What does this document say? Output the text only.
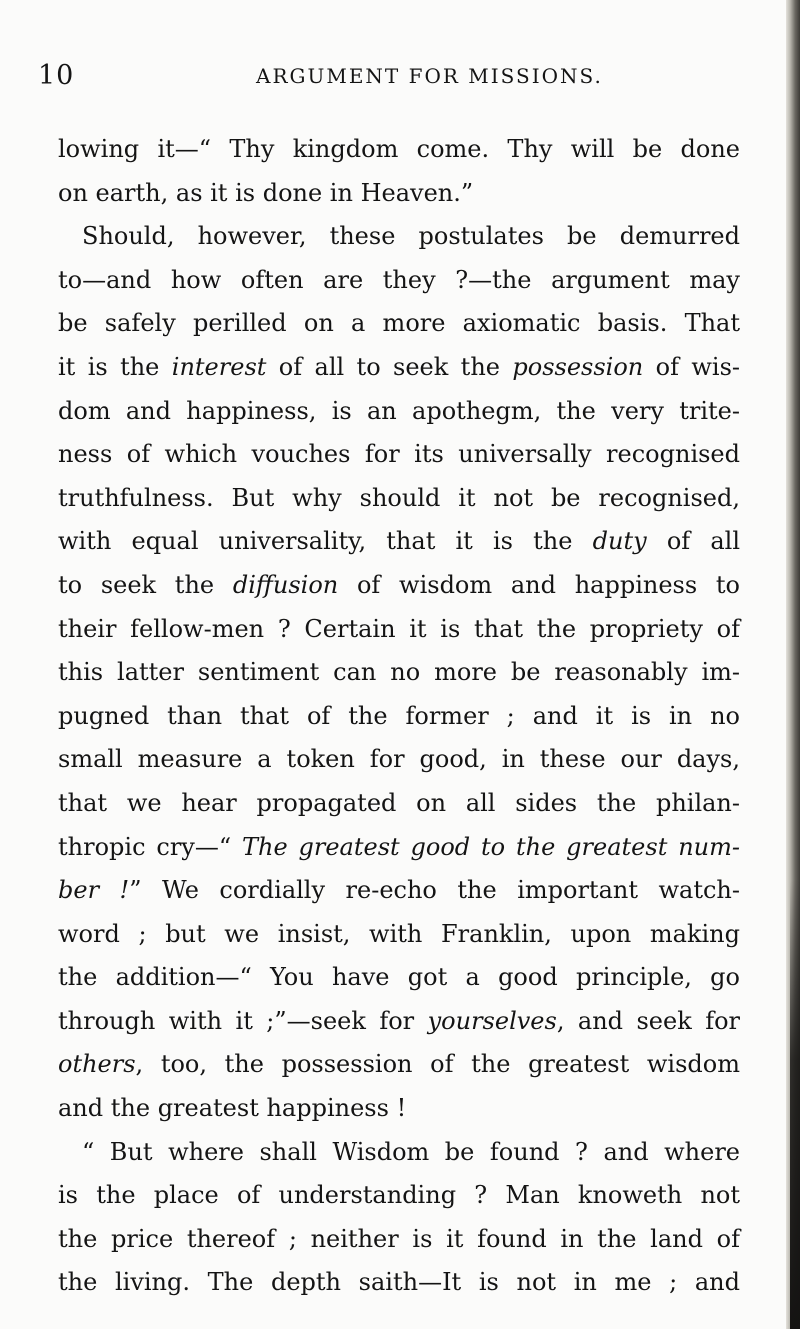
10	ARGUMENT FOR MISSIONS.
lowing it—“ Thy kingdom come. Thy will be done
on earth, as it is done in Heaven.”
Should, however, these postulates be demurred
to—and how often are they ?—the argument may
be safely perilled on a more axiomatic basis. That
it is the interest of all to seek the possession of wis-
dom and happiness, is an apothegm, the very trite-
ness of which vouches for its universally recognised
truthfulness. But why should it not be recognised,
with equal universality, that it is the duty of all
to seek the diffusion of wisdom and happiness to
their fellow-men ? Certain it is that the propriety of
this latter sentiment can no more be reasonably im-
pugned than that of the former ; and it is in no
small measure a token for good, in these our days,
that we hear propagated on all sides the philan-
thropic cry—“ The greatest good to the greatest num-
ber !” We cordially re-echo the important watch-
word ; but we insist, with Franklin, upon making
the addition—“ You have got a good principle, go
through with it ;”—seek for yourselves, and seek for
others, too, the possession of the greatest wisdom
and the greatest happiness !
“ But where shall Wisdom be found ? and where
is the place of understanding ? Man knoweth not
the price thereof ; neither is it found in the land of
the living. The depth saith—It is not in me ; and
